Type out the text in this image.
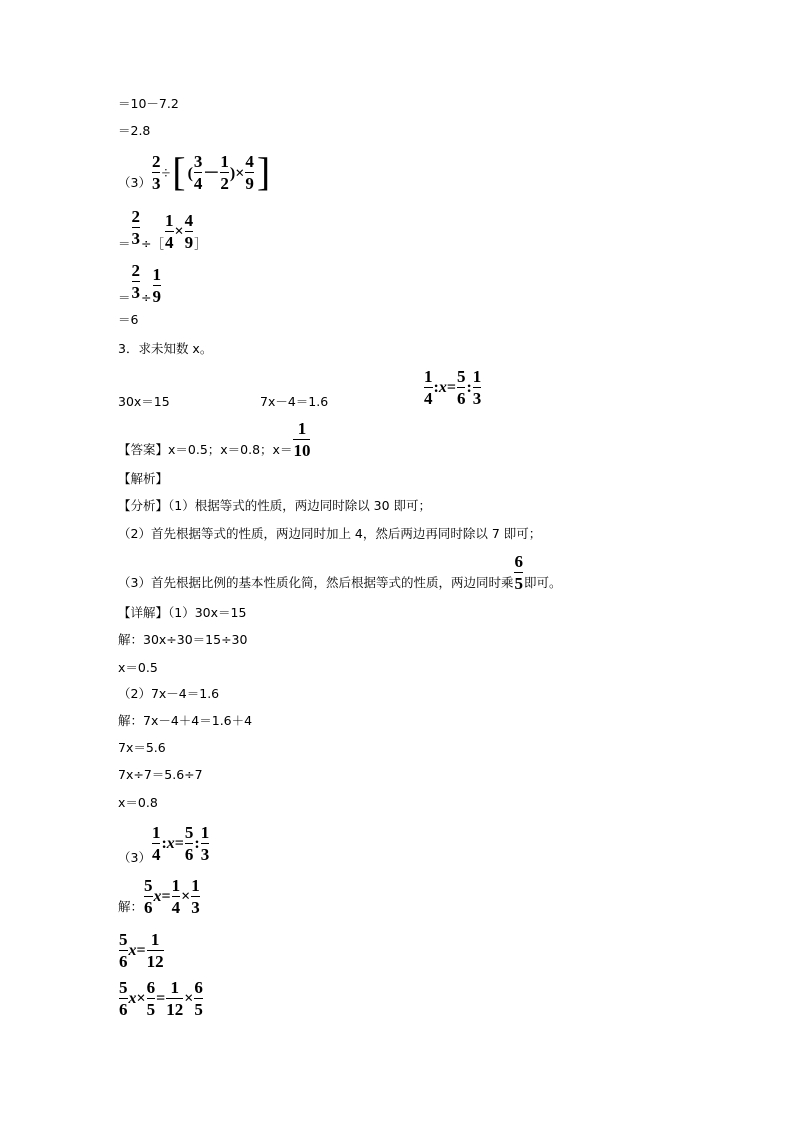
＝10－7.2
＝2.8
$(3) \frac{2}{3}$ ÷ [ ( $\frac{3}{4} - \frac{1}{2}$ ) × $\frac{4}{9}$ ]
＝ $\frac{2}{3}$ ÷［ $\frac{1}{4} \times \frac{4}{9}$ ］
＝ $\frac{2}{3} \div \frac{1}{9}$
＝6
3．求未知数 x。
30x＝15	7x－4＝1.6	$\frac{1}{4}$ : $x = \frac{5}{6}$ : $\frac{1}{3}$
【答案】x＝0.5；x＝0.8；$x= \frac{1}{10}$
【解析】
【分析】（1）根据等式的性质，两边同时除以 30 即可；
（2）首先根据等式的性质，两边同时加上 4，然后两边再同时除以 7 即可；
（3）首先根据比例的基本性质化简，然后根据等式的性质，两边同时乘 $\frac{6}{5}$ 即可。
【详解】（1）30x＝15
解：30x÷30＝15÷30
x＝0.5
（2）7x－4＝1.6
解：7x－4＋4＝1.6＋4
7x＝5.6
7x÷7＝5.6÷7
x＝0.8
$(3) \frac{1}{4}$ : $x = \frac{5}{6}$ : $\frac{1}{3}$
解： $\frac{5}{6}$ $x = \frac{1}{4} \times \frac{1}{3}$
$\frac{5}{6}$ $x = \frac{1}{12}$
$\frac{5}{6}$ $x \times \frac{6}{5} = \frac{1}{12} \times \frac{6}{5}$
